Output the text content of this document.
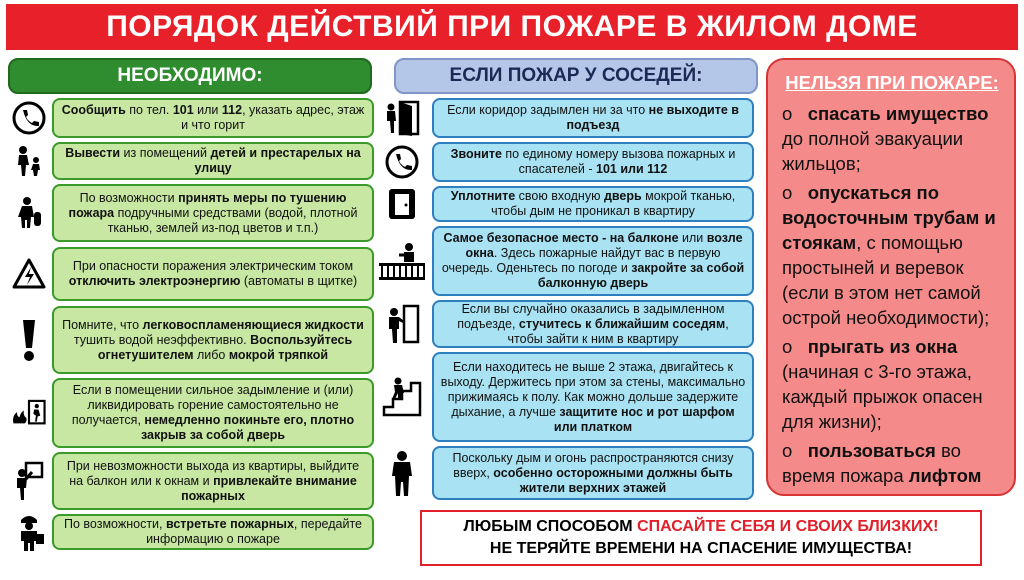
ПОРЯДОК ДЕЙСТВИЙ ПРИ ПОЖАРЕ В ЖИЛОМ ДОМЕ
НЕОБХОДИМО:	ЕСЛИ ПОЖАР У СОСЕДЕЙ:
Сообщить по тел. 101 или 112, указать адрес, этаж и что горит
Вывести из помещений детей и престарелых на улицу
По возможности принять меры по тушению пожара подручными средствами (водой, плотной тканью, землей из-под цветов и т.п.)
При опасности поражения электрическим током отключить электроэнергию (автоматы в щитке)
Помните, что легковоспламеняющиеся жидкости тушить водой неэффективно. Воспользуйтесь огнетушителем либо мокрой тряпкой
Если в помещении сильное задымление и (или) ликвидировать горение самостоятельно не получается, немедленно покиньте его, плотно закрыв за собой дверь
При невозможности выхода из квартиры, выйдите на балкон или к окнам и привлекайте внимание пожарных
По возможности, встретьте пожарных, передайте информацию о пожаре
Если коридор задымлен ни за что не выходите в подъезд
Звоните по единому номеру вызова пожарных и спасателей - 101 или 112
Уплотните свою входную дверь мокрой тканью, чтобы дым не проникал в квартиру
Самое безопасное место - на балконе или возле окна. Здесь пожарные найдут вас в первую очередь. Оденьтесь по погоде и закройте за собой балконную дверь
Если вы случайно оказались в задымленном подъезде, стучитесь к ближайшим соседям, чтобы зайти к ним в квартиру
Если находитесь не выше 2 этажа, двигайтесь к выходу. Держитесь при этом за стены, максимально прижимаясь к полу. Как можно дольше задержите дыхание, а лучше защитите нос и рот шарфом или платком
Поскольку дым и огонь распространяются снизу вверх, особенно осторожными должны быть жители верхних этажей
НЕЛЬЗЯ ПРИ ПОЖАРЕ:
o   спасать имущество до полной эвакуации жильцов;
o   опускаться по водосточным трубам и стоякам, с помощью простыней и веревок (если в этом нет самой острой необходимости);
o   прыгать из окна (начиная с 3-го этажа, каждый прыжок опасен для жизни);
o   пользоваться во время пожара лифтом
ЛЮБЫМ СПОСОБОМ СПАСАЙТЕ СЕБЯ И СВОИХ БЛИЗКИХ!
НЕ ТЕРЯЙТЕ ВРЕМЕНИ НА СПАСЕНИЕ ИМУЩЕСТВА!
